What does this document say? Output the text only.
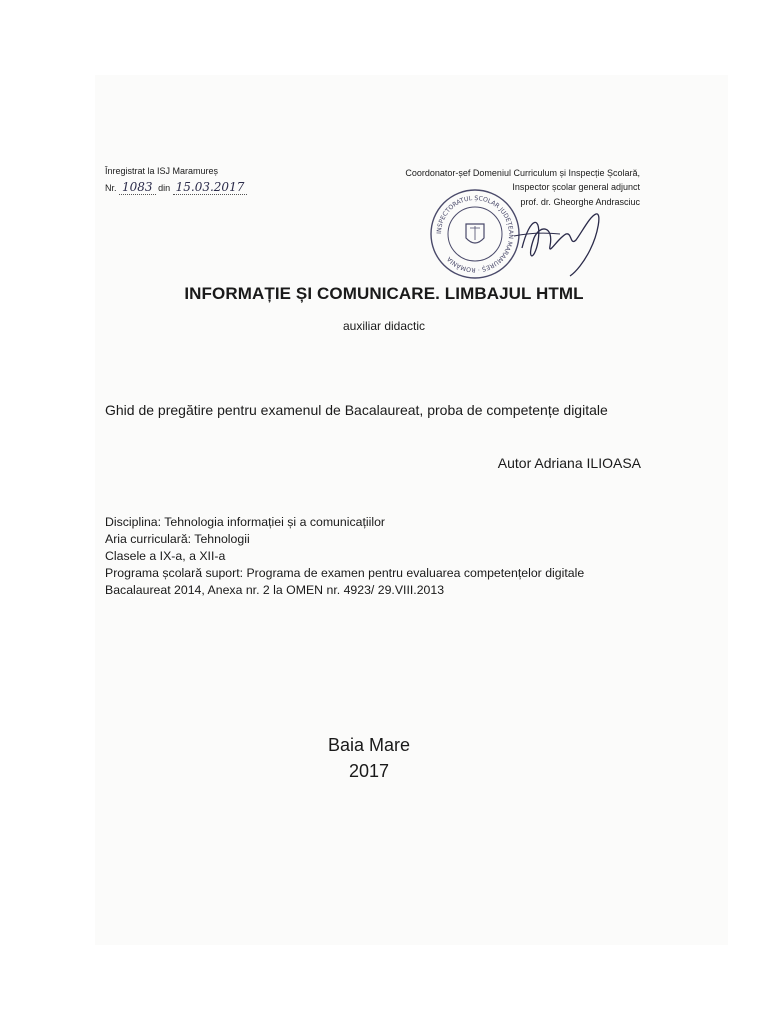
Înregistrat la ISJ Maramureș
Nr. 1083 din 15.03.2017
Coordonator-șef Domeniul Curriculum și Inspecție Școlară,
Inspector școlar general adjunct
prof. dr. Gheorghe Andrasciuc
INSPECTORATUL ȘCOLAR JUDEȚEAN MARAMUREȘ · ROMÂNIA
INFORMAȚIE ȘI COMUNICARE. LIMBAJUL HTML
auxiliar didactic
Ghid de pregătire pentru examenul de Bacalaureat, proba de competențe digitale
Autor Adriana ILIOASA
Disciplina: Tehnologia informației și a comunicațiilor
Aria curriculară: Tehnologii
Clasele a IX-a, a XII-a
Programa școlară suport: Programa de examen pentru evaluarea competențelor digitale
Bacalaureat 2014, Anexa nr. 2 la OMEN nr. 4923/ 29.VIII.2013
Baia Mare
2017
